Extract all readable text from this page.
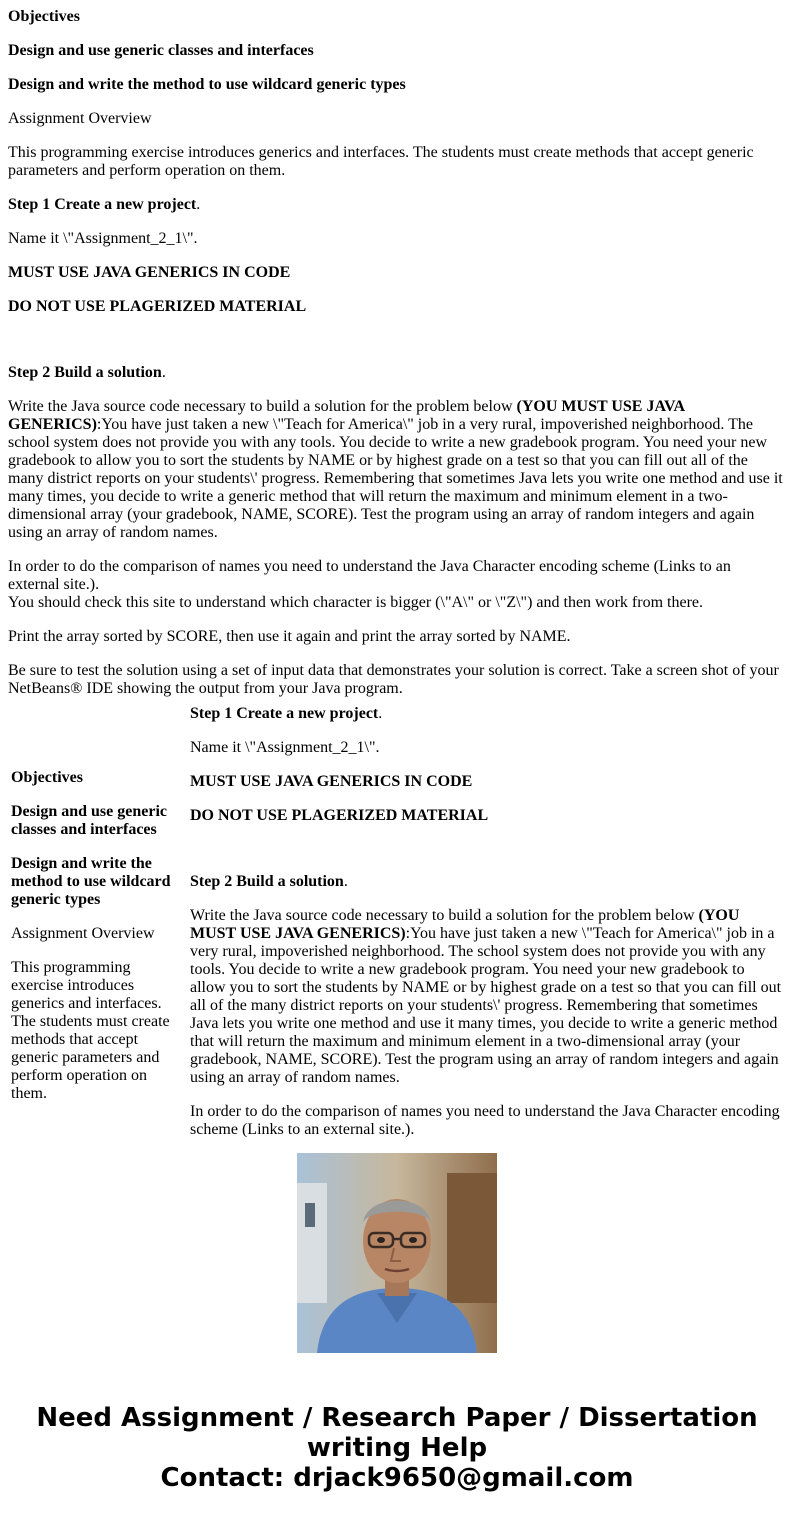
Objectives

Design and use generic classes and interfaces

Design and write the method to use wildcard generic types

Assignment Overview

This programming exercise introduces generics and interfaces. The students must create methods that accept generic parameters and perform operation on them.

Step 1 Create a new project.

Name it \"Assignment_2_1\".

MUST USE JAVA GENERICS IN CODE

DO NOT USE PLAGERIZED MATERIAL

Step 2 Build a solution.

Write the Java source code necessary to build a solution for the problem below (YOU MUST USE JAVA GENERICS):You have just taken a new \"Teach for America\" job in a very rural, impoverished neighborhood. The school system does not provide you with any tools. You decide to write a new gradebook program. You need your new gradebook to allow you to sort the students by NAME or by highest grade on a test so that you can fill out all of the many district reports on your students\' progress. Remembering that sometimes Java lets you write one method and use it many times, you decide to write a generic method that will return the maximum and minimum element in a two-dimensional array (your gradebook, NAME, SCORE). Test the program using an array of random integers and again using an array of random names.

In order to do the comparison of names you need to understand the Java Character encoding scheme (Links to an external site.).
You should check this site to understand which character is bigger (\"A\" or \"Z\") and then work from there.

Print the array sorted by SCORE, then use it again and print the array sorted by NAME.

Be sure to test the solution using a set of input data that demonstrates your solution is correct. Take a screen shot of your NetBeans® IDE showing the output from your Java program.

Objectives

Design and use generic classes and interfaces

Design and write the method to use wildcard generic types

Assignment Overview

This programming exercise introduces generics and interfaces. The students must create methods that accept generic parameters and perform operation on them.

Step 1 Create a new project.

Name it \"Assignment_2_1\".

MUST USE JAVA GENERICS IN CODE

DO NOT USE PLAGERIZED MATERIAL

Step 2 Build a solution.

Write the Java source code necessary to build a solution for the problem below (YOU MUST USE JAVA GENERICS):You have just taken a new \"Teach for America\" job in a very rural, impoverished neighborhood. The school system does not provide you with any tools. You decide to write a new gradebook program. You need your new gradebook to allow you to sort the students by NAME or by highest grade on a test so that you can fill out all of the many district reports on your students\' progress. Remembering that sometimes Java lets you write one method and use it many times, you decide to write a generic method that will return the maximum and minimum element in a two-dimensional array (your gradebook, NAME, SCORE). Test the program using an array of random integers and again using an array of random names.

In order to do the comparison of names you need to understand the Java Character encoding scheme (Links to an external site.).

Need Assignment / Research Paper / Dissertation
writing Help
Contact: drjack9650@gmail.com
